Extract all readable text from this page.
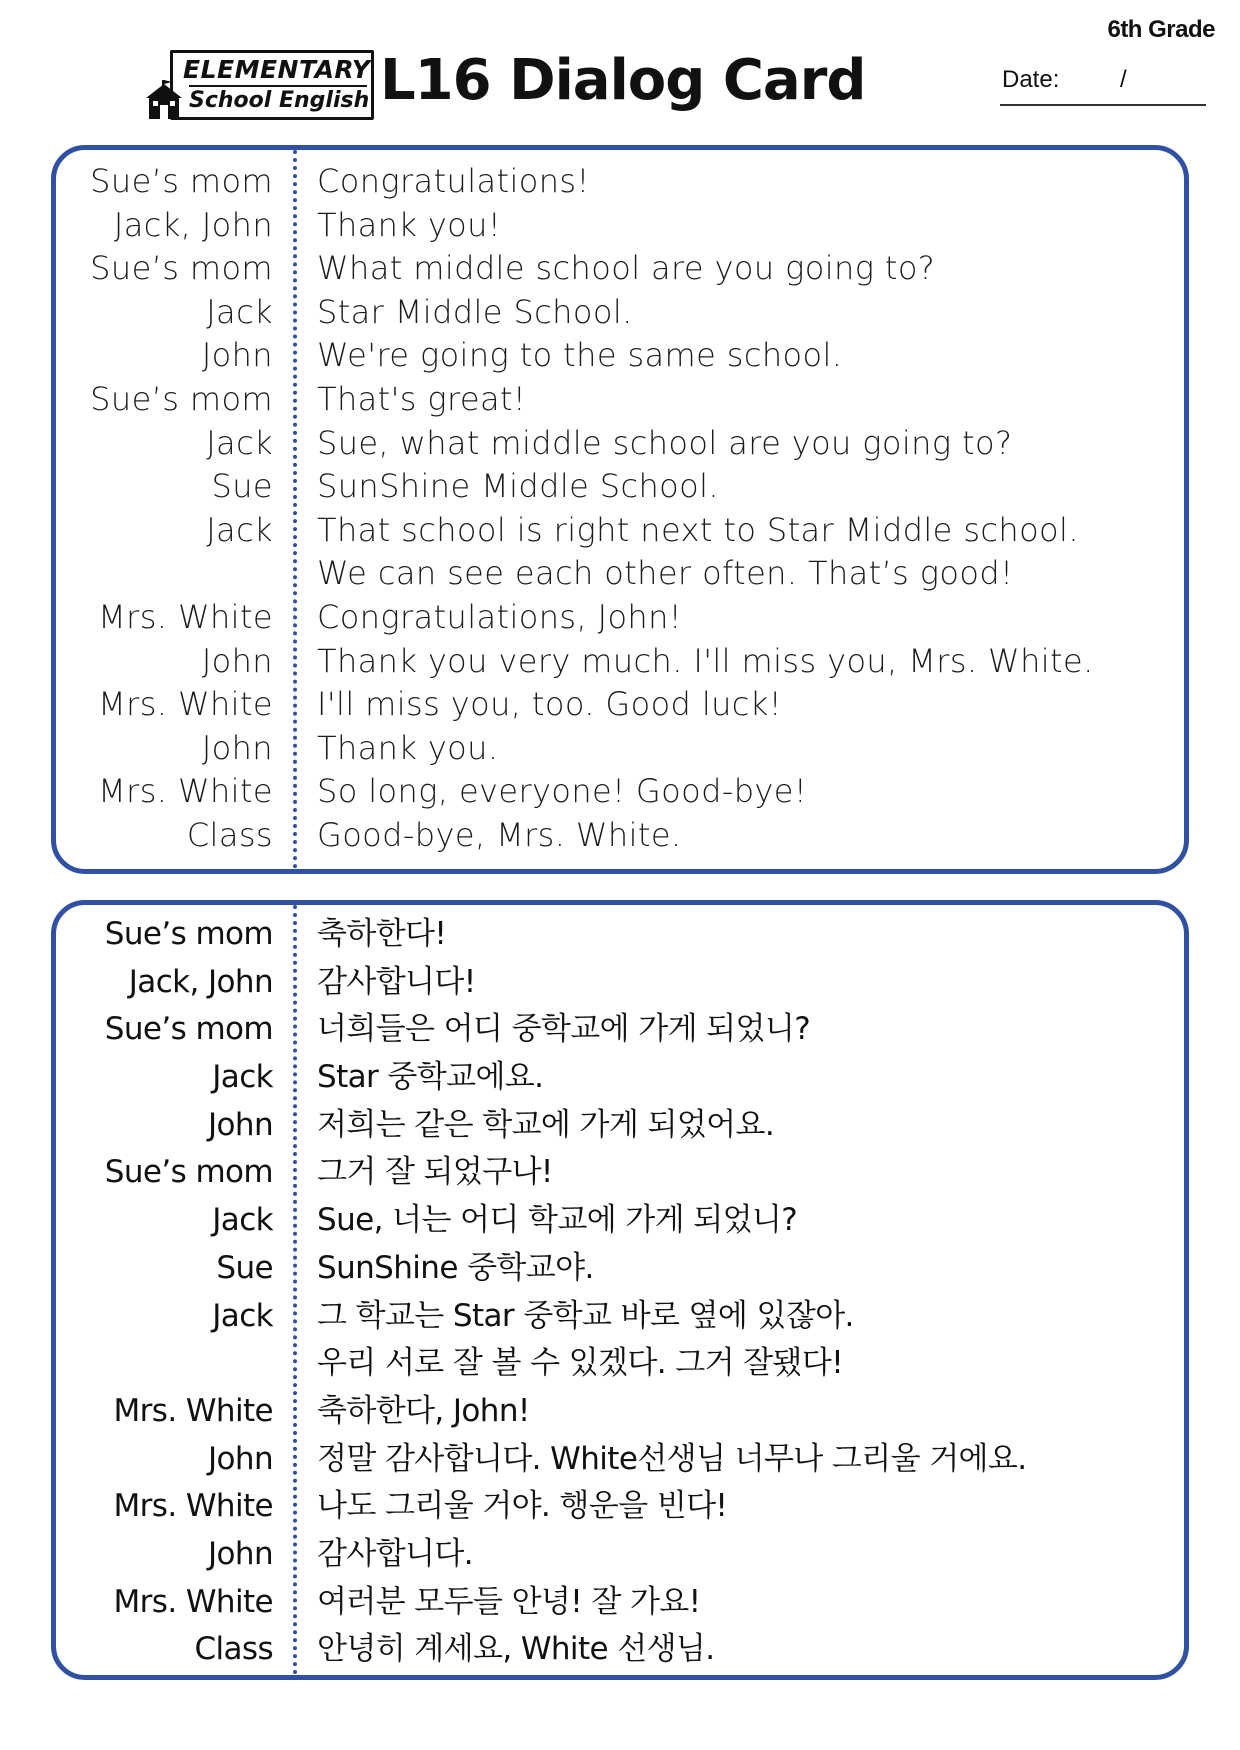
6th Grade
ELEMENTARY
School English L16 Dialog Card	Date:	/
Sue’s mom Congratulations!
Jack, John Thank you!
Sue’s mom What middle school are you going to?
Jack Star Middle School.
John We're going to the same school.
Sue’s mom That's great!
Jack Sue, what middle school are you going to?
Sue SunShine Middle School.
Jack That school is right next to Star Middle school.
We can see each other often. That’s good!
Mrs. White Congratulations, John!
John Thank you very much. I'll miss you, Mrs. White.
Mrs. White I'll miss you, too. Good luck!
John Thank you.
Mrs. White So long, everyone! Good-bye!
Class Good-bye, Mrs. White.
Sue’s mom 축하한다!
Jack, John 감사합니다!
Sue’s mom 너희들은 어디 중학교에 가게 되었니?
Jack Star 중학교에요.
John 저희는 같은 학교에 가게 되었어요.
Sue’s mom 그거 잘 되었구나!
Jack Sue, 너는 어디 학교에 가게 되었니?
Sue SunShine 중학교야.
Jack 그 학교는 Star 중학교 바로 옆에 있잖아.
우리 서로 잘 볼 수 있겠다. 그거 잘됐다!
Mrs. White 축하한다, John!
John 정말 감사합니다. White선생님 너무나 그리울 거에요.
Mrs. White 나도 그리울 거야. 행운을 빈다!
John 감사합니다.
Mrs. White 여러분 모두들 안녕! 잘 가요!
Class 안녕히 계세요, White 선생님.
